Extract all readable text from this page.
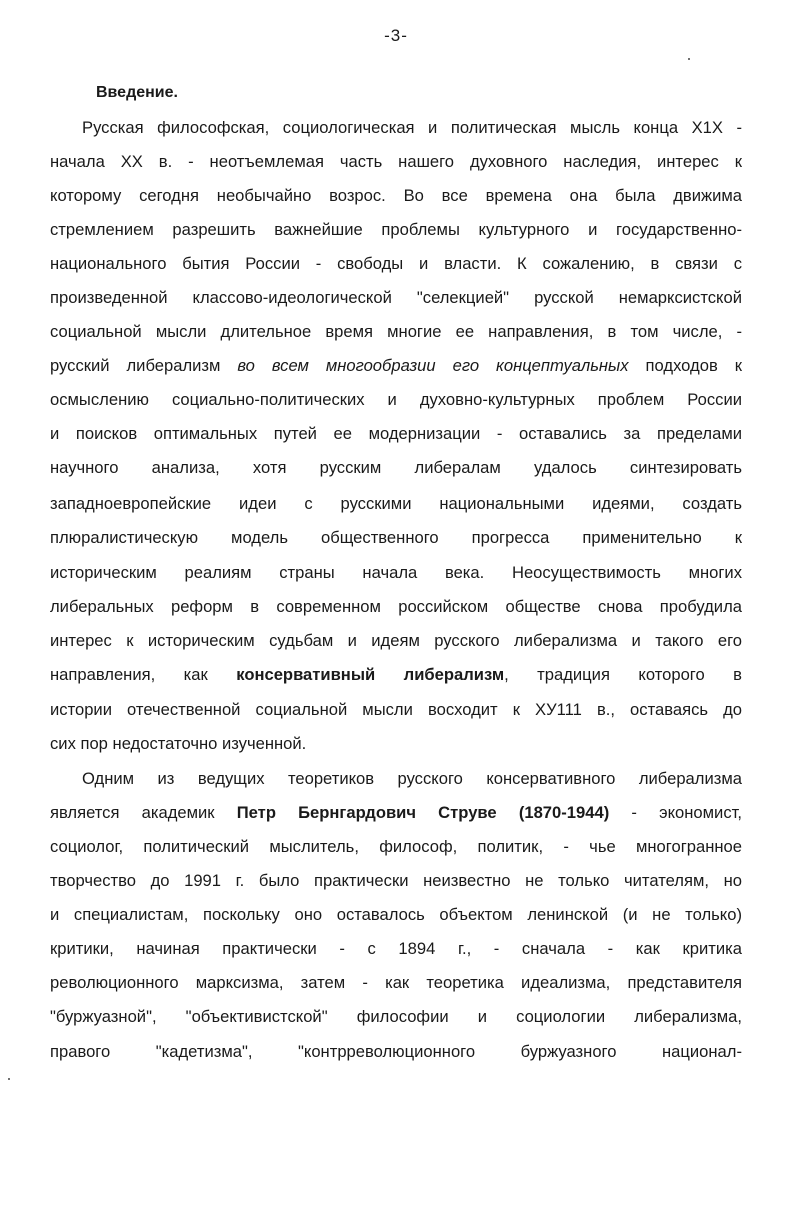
-3-
Введение.
Русская философская, социологическая и политическая мысль конца Х1Х -
начала ХХ в. - неотъемлемая часть нашего духовного наследия, интерес к
которому сегодня необычайно возрос. Во все времена она была движима
стремлением разрешить важнейшие проблемы культурного и государственно-
национального бытия России - свободы и власти. К сожалению, в связи с
произведенной классово-идеологической "селекцией" русской немарксистской
социальной мысли длительное время многие ее направления, в том числе, -
русский либерализм во всем многообразии его концептуальных подходов к
осмыслению социально-политических и духовно-культурных проблем России
и поисков оптимальных путей ее модернизации - оставались за пределами
научного анализа, хотя русским либералам удалось синтезировать
западноевропейские идеи с русскими национальными идеями, создать
плюралистическую модель общественного прогресса применительно к
историческим реалиям страны начала века. Неосуществимость многих
либеральных реформ в современном российском обществе снова пробудила
интерес к историческим судьбам и идеям русского либерализма и такого его
направления, как консервативный либерализм, традиция которого в
истории отечественной социальной мысли восходит к ХУ111 в., оставаясь до
сих пор недостаточно изученной.
Одним из ведущих теоретиков русского консервативного либерализма
является академик Петр Бернгардович Струве (1870-1944) - экономист,
социолог, политический мыслитель, философ, политик, - чье многогранное
творчество до 1991 г. было практически неизвестно не только читателям, но
и специалистам, поскольку оно оставалось объектом ленинской (и не только)
критики, начиная практически - с 1894 г., - сначала - как критика
революционного марксизма, затем - как теоретика идеализма, представителя
"буржуазной", "объективистской" философии и социологии либерализма,
правого "кадетизма", "контрреволюционного буржуазного национал-
